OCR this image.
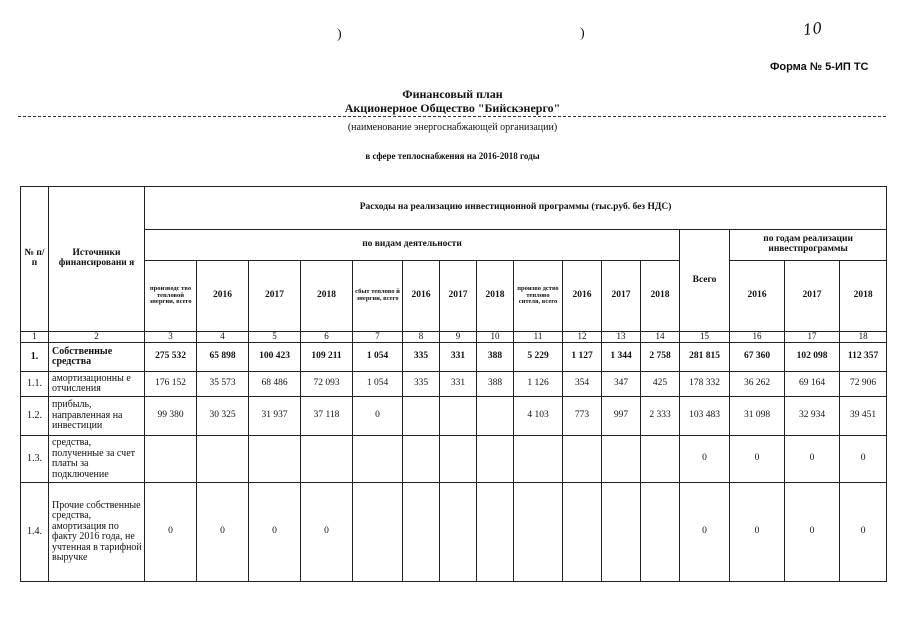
10
)	)
Форма № 5-ИП ТС
Финансовый план
Акционерное Общество "Бийскэнерго"
(наименование энергоснабжающей организации)
в сфере теплоснабжения на 2016-2018 годы
№ п/п	Источники финансировани я	Расходы на реализацию инвестиционной программы (тыс.руб. без НДС)															
		по видам деятельности												Всего	по годам реализации инвестпрограммы		
		производс тво тепловой энергии, всего	2016	2017	2018	сбыт теплово й энергии, всего	2016	2017	2018	произво дство теплово сителя, всего	2016	2017	2018		2016	2017	2018
1	2	3	4	5	6	7	8	9	10	11	12	13	14	15	16	17	18
1.	Собственные средства	275 532	65 898	100 423	109 211	1 054	335	331	388	5 229	1 127	1 344	2 758	281 815	67 360	102 098	112 357
1.1.	амортизационны е отчисления	176 152	35 573	68 486	72 093	1 054	335	331	388	1 126	354	347	425	178 332	36 262	69 164	72 906
1.2.	прибыль, направленная на инвестиции	99 380	30 325	31 937	37 118	0				4 103	773	997	2 333	103 483	31 098	32 934	39 451
1.3.	средства, полученные за счет платы за подключение													0	0	0	0
1.4.	Прочие собственные средства, амортизация по факту 2016 года, не учтенная в тарифной выручке	0	0	0	0									0	0	0	0
